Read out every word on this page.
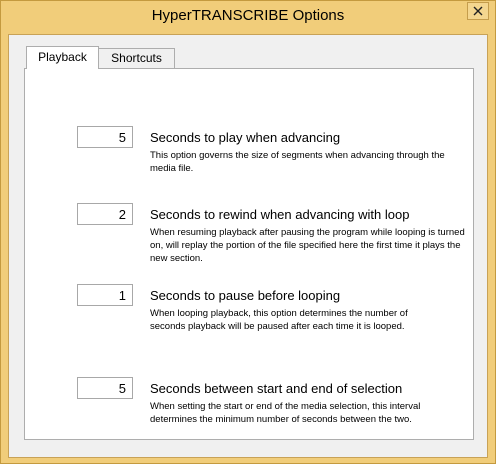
HyperTRANSCRIBE Options
Playback	Shortcuts
5	Seconds to play when advancing
This option governs the size of segments when advancing through the media file.
2	Seconds to rewind when advancing with loop
When resuming playback after pausing the program while looping is turned on, will replay the portion of the file specified here the first time it plays the new section.
1	Seconds to pause before looping
When looping playback, this option determines the number of seconds playback will be paused after each time it is looped.
5	Seconds between start and end of selection
When setting the start or end of the media selection, this interval determines the minimum number of seconds between the two.
